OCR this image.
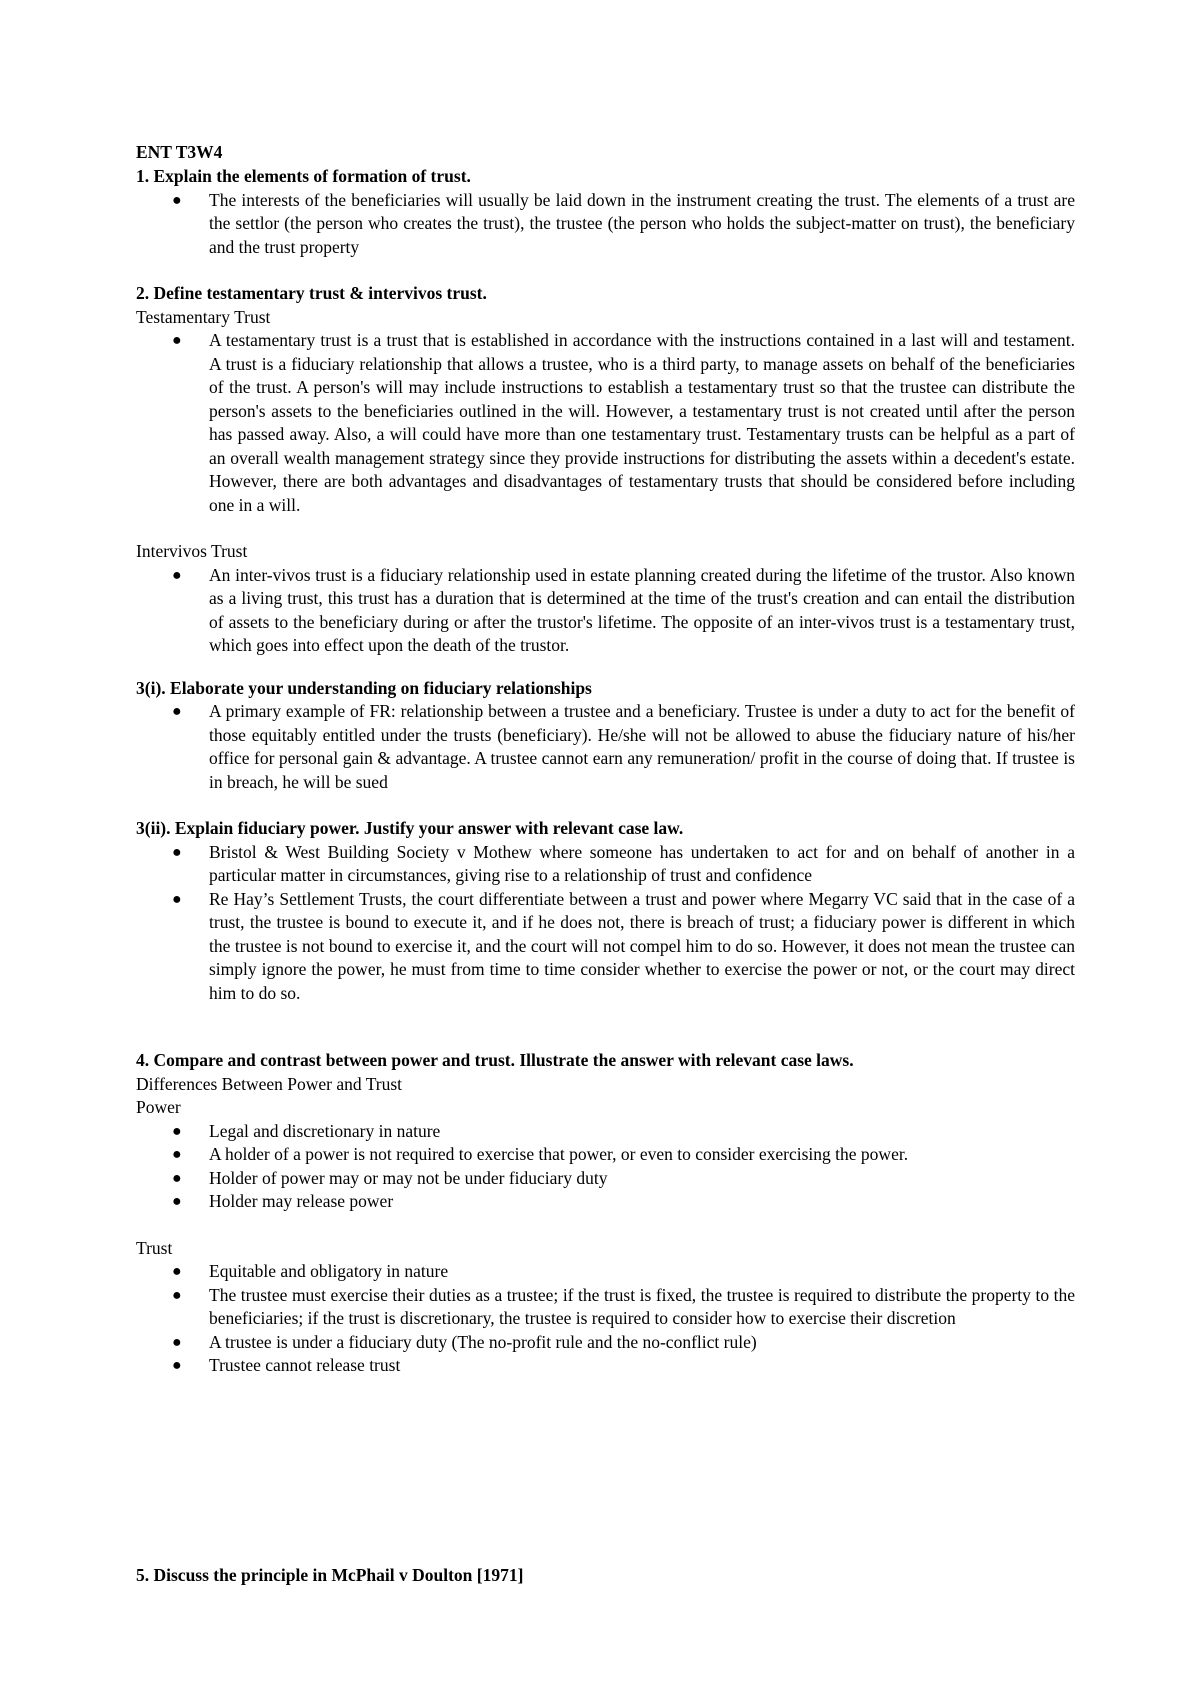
ENT T3W4
1. Explain the elements of formation of trust.
● The interests of the beneficiaries will usually be laid down in the instrument creating the trust. The elements of a trust are the settlor (the person who creates the trust), the trustee (the person who holds the subject-matter on trust), the beneficiary and the trust property
2. Define testamentary trust & intervivos trust.
Testamentary Trust
● A testamentary trust is a trust that is established in accordance with the instructions contained in a last will and testament. A trust is a fiduciary relationship that allows a trustee, who is a third party, to manage assets on behalf of the beneficiaries of the trust. A person's will may include instructions to establish a testamentary trust so that the trustee can distribute the person's assets to the beneficiaries outlined in the will. However, a testamentary trust is not created until after the person has passed away. Also, a will could have more than one testamentary trust. Testamentary trusts can be helpful as a part of an overall wealth management strategy since they provide instructions for distributing the assets within a decedent's estate. However, there are both advantages and disadvantages of testamentary trusts that should be considered before including one in a will.
Intervivos Trust
● An inter-vivos trust is a fiduciary relationship used in estate planning created during the lifetime of the trustor. Also known as a living trust, this trust has a duration that is determined at the time of the trust's creation and can entail the distribution of assets to the beneficiary during or after the trustor's lifetime. The opposite of an inter-vivos trust is a testamentary trust, which goes into effect upon the death of the trustor.
3(i). Elaborate your understanding on fiduciary relationships
● A primary example of FR: relationship between a trustee and a beneficiary. Trustee is under a duty to act for the benefit of those equitably entitled under the trusts (beneficiary). He/she will not be allowed to abuse the fiduciary nature of his/her office for personal gain & advantage. A trustee cannot earn any remuneration/ profit in the course of doing that. If trustee is in breach, he will be sued
3(ii). Explain fiduciary power. Justify your answer with relevant case law.
● Bristol & West Building Society v Mothew where someone has undertaken to act for and on behalf of another in a particular matter in circumstances, giving rise to a relationship of trust and confidence
● Re Hay’s Settlement Trusts, the court differentiate between a trust and power where Megarry VC said that in the case of a trust, the trustee is bound to execute it, and if he does not, there is breach of trust; a fiduciary power is different in which the trustee is not bound to exercise it, and the court will not compel him to do so. However, it does not mean the trustee can simply ignore the power, he must from time to time consider whether to exercise the power or not, or the court may direct him to do so.
4. Compare and contrast between power and trust. Illustrate the answer with relevant case laws.
Differences Between Power and Trust
Power
● Legal and discretionary in nature
● A holder of a power is not required to exercise that power, or even to consider exercising the power.
● Holder of power may or may not be under fiduciary duty
● Holder may release power
Trust
● Equitable and obligatory in nature
● The trustee must exercise their duties as a trustee; if the trust is fixed, the trustee is required to distribute the property to the beneficiaries; if the trust is discretionary, the trustee is required to consider how to exercise their discretion
● A trustee is under a fiduciary duty (The no-profit rule and the no-conflict rule)
● Trustee cannot release trust
5. Discuss the principle in McPhail v Doulton [1971]
